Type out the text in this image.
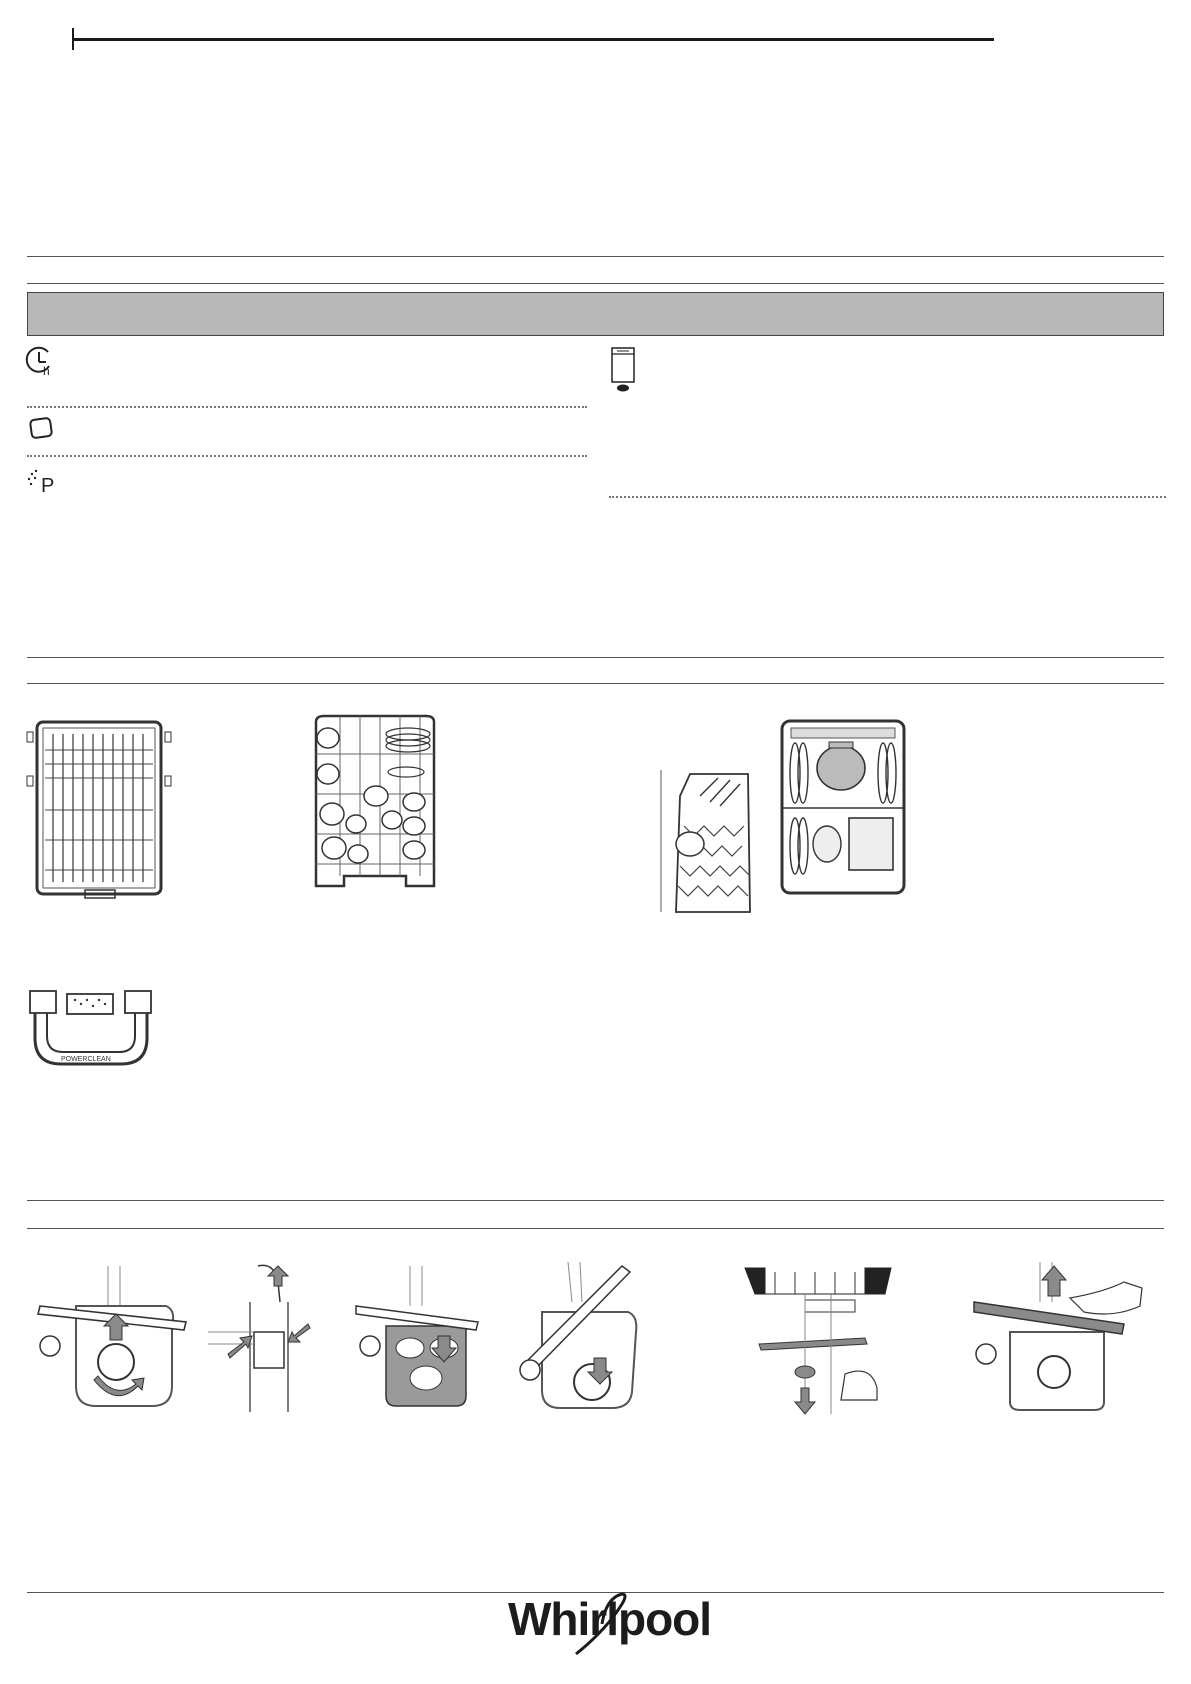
h
P
POWERCLEAN
Whirlpool
